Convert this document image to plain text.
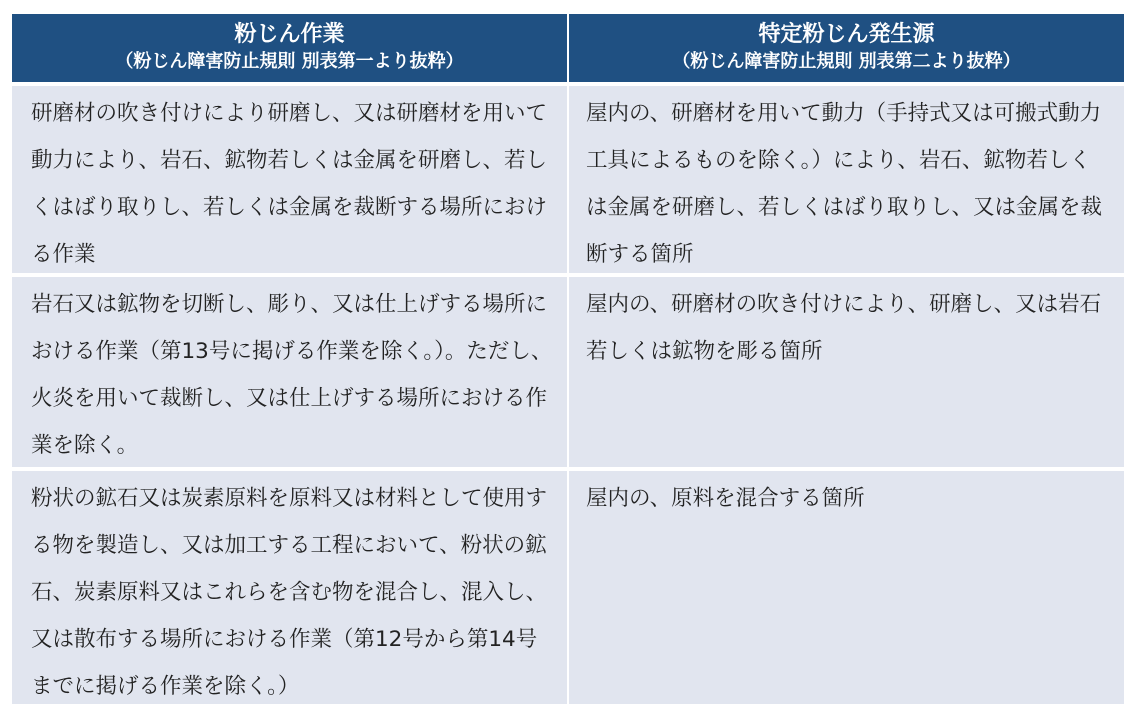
粉じん作業
（粉じん障害防止規則 別表第一より抜粋）
特定粉じん発生源
（粉じん障害防止規則 別表第二より抜粋）
研磨材の吹き付けにより研磨し、又は研磨材を用いて動力により、岩石、鉱物若しくは金属を研磨し、若しくはばり取りし、若しくは金属を裁断する場所における作業
屋内の、研磨材を用いて動力（手持式又は可搬式動力工具によるものを除く。）により、岩石、鉱物若しくは金属を研磨し、若しくはばり取りし、又は金属を裁断する箇所
岩石又は鉱物を切断し、彫り、又は仕上げする場所における作業（第13号に掲げる作業を除く。）。ただし、火炎を用いて裁断し、又は仕上げする場所における作業を除く。
屋内の、研磨材の吹き付けにより、研磨し、又は岩石若しくは鉱物を彫る箇所
粉状の鉱石又は炭素原料を原料又は材料として使用する物を製造し、又は加工する工程において、粉状の鉱石、炭素原料又はこれらを含む物を混合し、混入し、又は散布する場所における作業（第12号から第14号までに掲げる作業を除く。）
屋内の、原料を混合する箇所
